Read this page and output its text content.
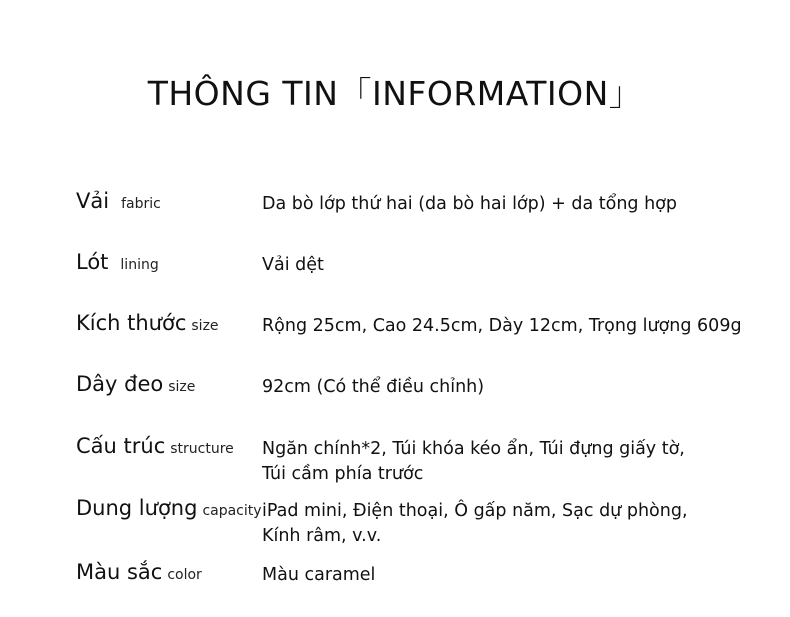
THÔNG TIN「INFORMATION」
Vải fabric	Da bò lớp thứ hai (da bò hai lớp) + da tổng hợp
Lót lining	Vải dệt
Kích thước size Rộng 25cm, Cao 24.5cm, Dày 12cm, Trọng lượng 609g
Dây đeo size	92cm (Có thể điều chỉnh)
Cấu trúc structure Ngăn chính*2, Túi khóa kéo ẩn, Túi đựng giấy tờ,
Túi cầm phía trước
Dung lượng capacity iPad mini, Điện thoại, Ô gấp năm, Sạc dự phòng,
Kính râm, v.v.
Màu sắc color	Màu caramel
